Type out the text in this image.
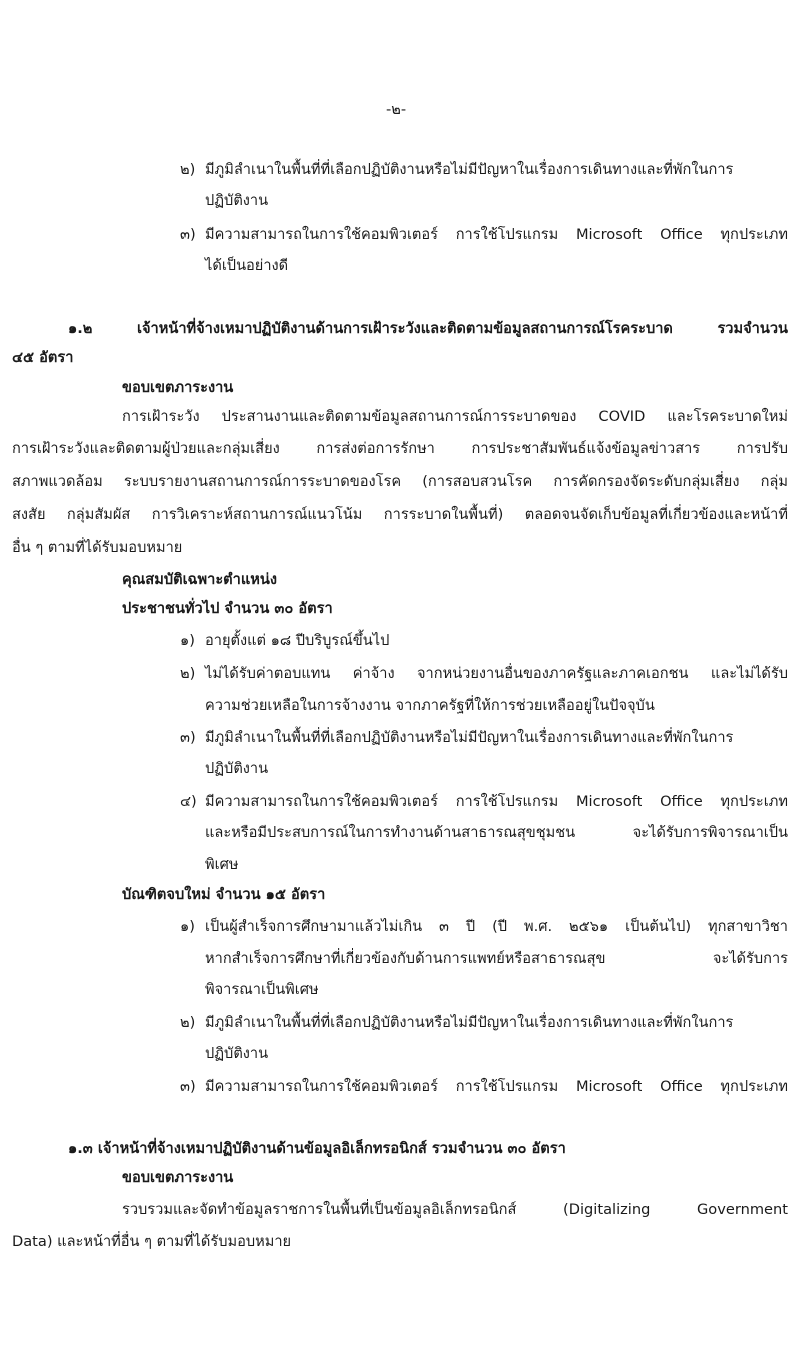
-๒-
๒) มีภูมิลำเนาในพื้นที่ที่เลือกปฏิบัติงานหรือไม่มีปัญหาในเรื่องการเดินทางและที่พักในการ
ปฏิบัติงาน
๓) มีความสามารถในการใช้คอมพิวเตอร์ การใช้โปรแกรม Microsoft Office ทุกประเภท
ได้เป็นอย่างดี
๑.๒ เจ้าหน้าที่จ้างเหมาปฏิบัติงานด้านการเฝ้าระวังและติดตามข้อมูลสถานการณ์โรคระบาด รวมจำนวน
๔๕ อัตรา
ขอบเขตภาระงาน
การเฝ้าระวัง ประสานงานและติดตามข้อมูลสถานการณ์การระบาดของ COVID และโรคระบาดใหม่
การเฝ้าระวังและติดตามผู้ป่วยและกลุ่มเสี่ยง การส่งต่อการรักษา การประชาสัมพันธ์แจ้งข้อมูลข่าวสาร การปรับ
สภาพแวดล้อม ระบบรายงานสถานการณ์การระบาดของโรค (การสอบสวนโรค การคัดกรองจัดระดับกลุ่มเสี่ยง กลุ่ม
สงสัย กลุ่มสัมผัส การวิเคราะห์สถานการณ์แนวโน้ม การระบาดในพื้นที่) ตลอดจนจัดเก็บข้อมูลที่เกี่ยวข้องและหน้าที่
อื่น ๆ ตามที่ได้รับมอบหมาย
คุณสมบัติเฉพาะตำแหน่ง
ประชาชนทั่วไป จำนวน ๓๐ อัตรา
๑) อายุตั้งแต่ ๑๘ ปีบริบูรณ์ขึ้นไป
๒) ไม่ได้รับค่าตอบแทน ค่าจ้าง จากหน่วยงานอื่นของภาครัฐและภาคเอกชน และไม่ได้รับ
ความช่วยเหลือในการจ้างงาน จากภาครัฐที่ให้การช่วยเหลืออยู่ในปัจจุบัน
๓) มีภูมิลำเนาในพื้นที่ที่เลือกปฏิบัติงานหรือไม่มีปัญหาในเรื่องการเดินทางและที่พักในการ
ปฏิบัติงาน
๔) มีความสามารถในการใช้คอมพิวเตอร์ การใช้โปรแกรม Microsoft Office ทุกประเภท
และหรือมีประสบการณ์ในการทำงานด้านสาธารณสุขชุมชน จะได้รับการพิจารณาเป็น
พิเศษ
บัณฑิตจบใหม่ จำนวน ๑๕ อัตรา
๑) เป็นผู้สำเร็จการศึกษามาแล้วไม่เกิน ๓ ปี (ปี พ.ศ. ๒๕๖๑ เป็นต้นไป) ทุกสาขาวิชา
หากสำเร็จการศึกษาที่เกี่ยวข้องกับด้านการแพทย์หรือสาธารณสุข จะได้รับการ
พิจารณาเป็นพิเศษ
๒) มีภูมิลำเนาในพื้นที่ที่เลือกปฏิบัติงานหรือไม่มีปัญหาในเรื่องการเดินทางและที่พักในการ
ปฏิบัติงาน
๓) มีความสามารถในการใช้คอมพิวเตอร์ การใช้โปรแกรม Microsoft Office ทุกประเภท
๑.๓ เจ้าหน้าที่จ้างเหมาปฏิบัติงานด้านข้อมูลอิเล็กทรอนิกส์ รวมจำนวน ๓๐ อัตรา
ขอบเขตภาระงาน
รวบรวมและจัดทำข้อมูลราชการในพื้นที่เป็นข้อมูลอิเล็กทรอนิกส์ (Digitalizing Government
Data) และหน้าที่อื่น ๆ ตามที่ได้รับมอบหมาย
